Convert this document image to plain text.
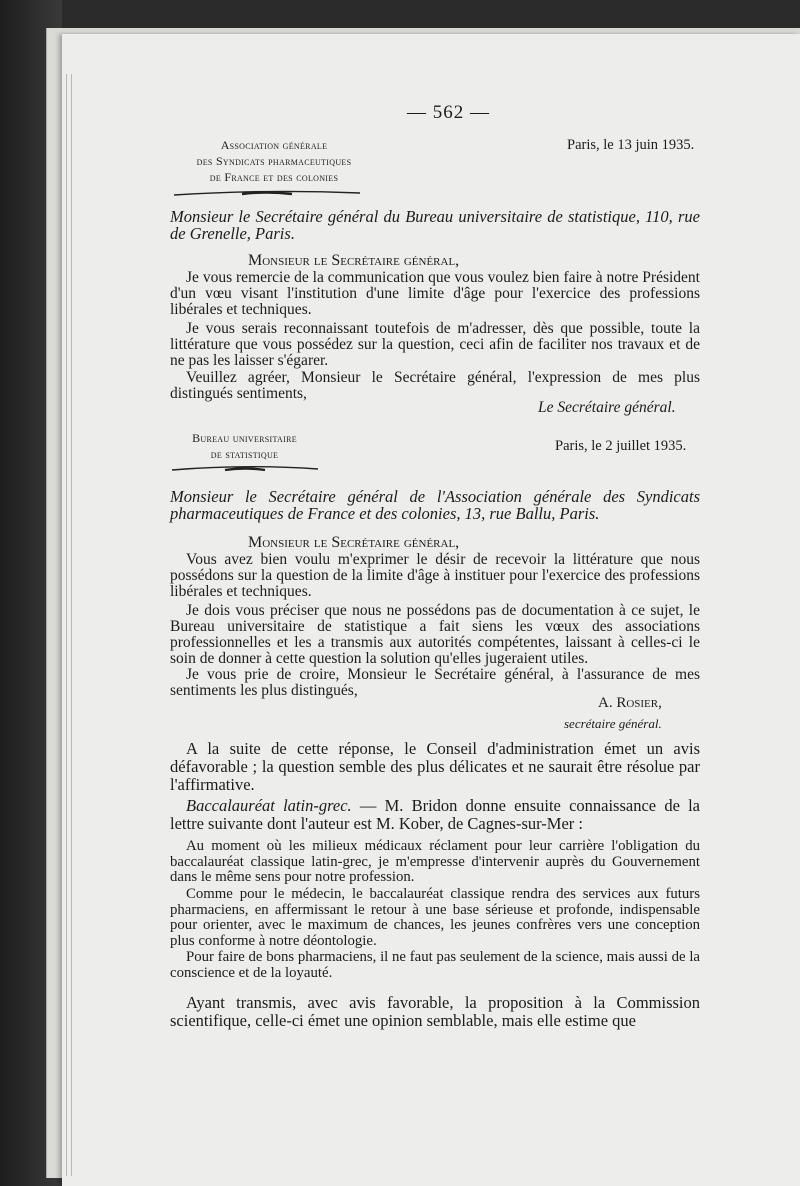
— 562 —
Association générale
des Syndicats pharmaceutiques
de France et des colonies
Paris, le 13 juin 1935.
Monsieur le Secrétaire général du Bureau universitaire de statistique, 110, rue de Grenelle, Paris.
Monsieur le Secrétaire général,
Je vous remercie de la communication que vous voulez bien faire à notre Président d'un vœu visant l'institution d'une limite d'âge pour l'exercice des professions libérales et techniques.
Je vous serais reconnaissant toutefois de m'adresser, dès que possible, toute la littérature que vous possédez sur la question, ceci afin de faciliter nos travaux et de ne pas les laisser s'égarer.
Veuillez agréer, Monsieur le Secrétaire général, l'expression de mes plus distingués sentiments,
Le Secrétaire général.
Bureau universitaire
de statistique	Paris, le 2 juillet 1935.
Monsieur le Secrétaire général de l'Association générale des Syndicats pharmaceutiques de France et des colonies, 13, rue Ballu, Paris.
Monsieur le Secrétaire général,
Vous avez bien voulu m'exprimer le désir de recevoir la littérature que nous possédons sur la question de la limite d'âge à instituer pour l'exercice des professions libérales et techniques.
Je dois vous préciser que nous ne possédons pas de documentation à ce sujet, le Bureau universitaire de statistique a fait siens les vœux des associations professionnelles et les a transmis aux autorités compétentes, laissant à celles-ci le soin de donner à cette question la solution qu'elles jugeraient utiles.
Je vous prie de croire, Monsieur le Secrétaire général, à l'assurance de mes sentiments les plus distingués,
A. Rosier,
secrétaire général.
A la suite de cette réponse, le Conseil d'administration émet un avis défavorable ; la question semble des plus délicates et ne saurait être résolue par l'affirmative.
Baccalauréat latin-grec. — M. Bridon donne ensuite connaissance de la lettre suivante dont l'auteur est M. Kober, de Cagnes-sur-Mer :
Au moment où les milieux médicaux réclament pour leur carrière l'obligation du baccalauréat classique latin-grec, je m'empresse d'intervenir auprès du Gouvernement dans le même sens pour notre profession.
Comme pour le médecin, le baccalauréat classique rendra des services aux futurs pharmaciens, en affermissant le retour à une base sérieuse et profonde, indispensable pour orienter, avec le maximum de chances, les jeunes confrères vers une conception plus conforme à notre déontologie.
Pour faire de bons pharmaciens, il ne faut pas seulement de la science, mais aussi de la conscience et de la loyauté.
Ayant transmis, avec avis favorable, la proposition à la Commission scientifique, celle-ci émet une opinion semblable, mais elle estime que
